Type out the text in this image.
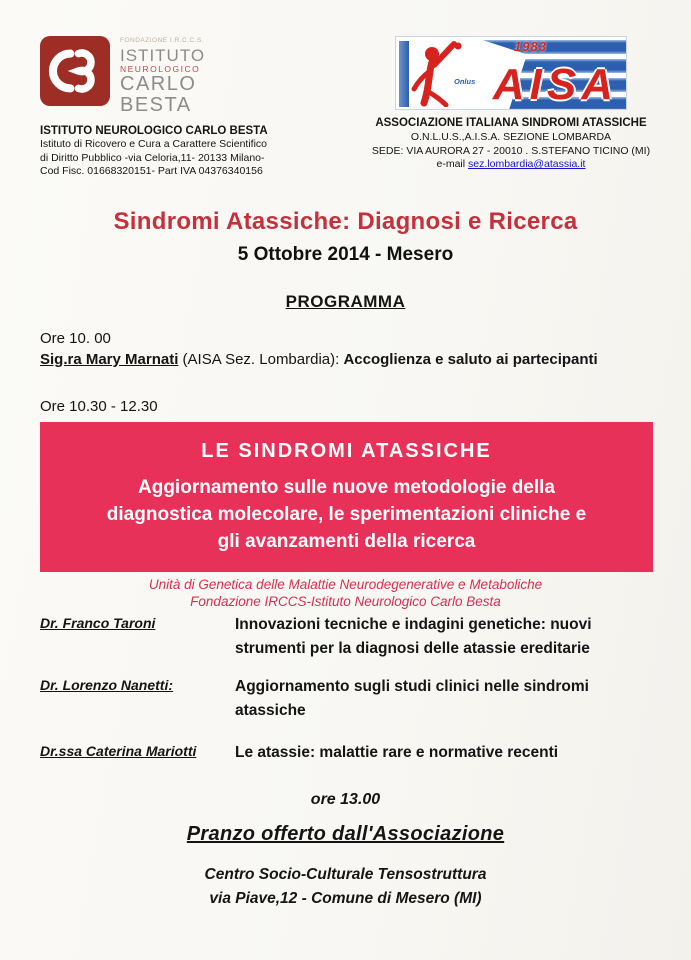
FONDAZIONE I.R.C.C.S.
ISTITUTO
NEUROLOGICO
CARLO
BESTA
ISTITUTO NEUROLOGICO CARLO BESTA
Istituto di Ricovero e Cura a Carattere Scientifico
di Diritto Pubblico -via Celoria,11- 20133 Milano-
Cod Fisc. 01668320151- Part IVA 04376340156
1983
Onlus AISA
ASSOCIAZIONE ITALIANA SINDROMI ATASSICHE
O.N.L.U.S.,A.I.S.A. SEZIONE LOMBARDA
SEDE: VIA AURORA 27 - 20010 . S.STEFANO TICINO (MI)
e-mail sez.lombardia@atassia.it
Sindromi Atassiche: Diagnosi e Ricerca
5 Ottobre 2014 - Mesero
PROGRAMMA
Ore 10. 00
Sig.ra Mary Marnati (AISA Sez. Lombardia): Accoglienza e saluto ai partecipanti
Ore 10.30 - 12.30
LE SINDROMI ATASSICHE
Aggiornamento sulle nuove metodologie della diagnostica molecolare, le sperimentazioni cliniche e gli avanzamenti della ricerca
Unità di Genetica delle Malattie Neurodegenerative e Metaboliche
Fondazione IRCCS-Istituto Neurologico Carlo Besta
Dr. Franco Taroni	Innovazioni tecniche e indagini genetiche: nuovi strumenti per la diagnosi delle atassie ereditarie
Dr. Lorenzo Nanetti:	Aggiornamento sugli studi clinici nelle sindromi atassiche
Dr.ssa Caterina Mariotti	Le atassie: malattie rare e normative recenti
ore 13.00
Pranzo offerto dall'Associazione
Centro Socio-Culturale Tensostruttura
via Piave,12 - Comune di Mesero (MI)
